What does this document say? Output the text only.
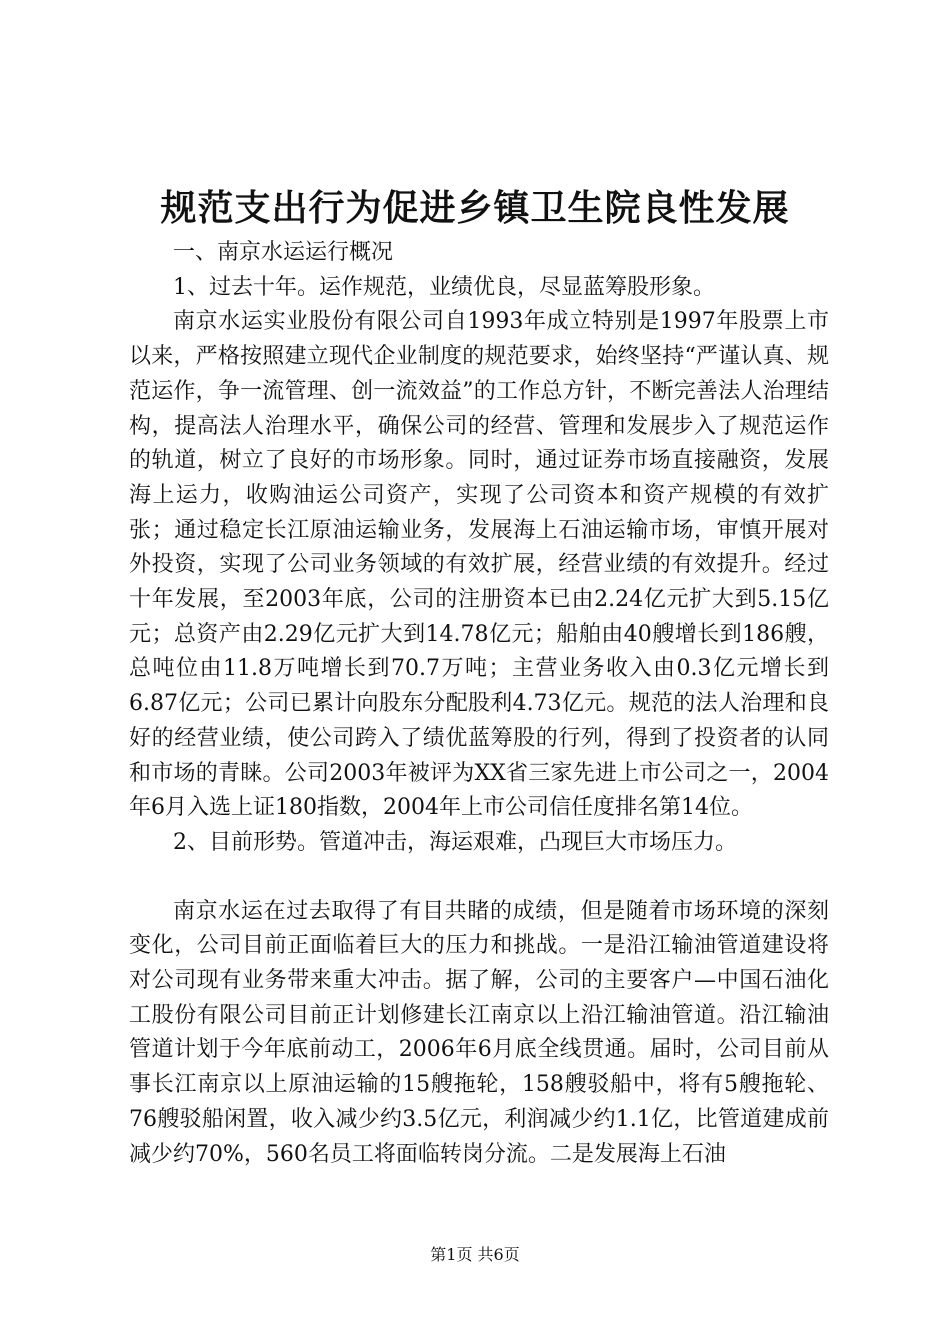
规范支出行为促进乡镇卫生院良性发展

一、南京水运运行概况

1、过去十年。运作规范，业绩优良，尽显蓝筹股形象。

南京水运实业股份有限公司自1993年成立特别是1997年股票上市以来，严格按照建立现代企业制度的规范要求，始终坚持“严谨认真、规范运作，争一流管理、创一流效益”的工作总方针，不断完善法人治理结构，提高法人治理水平，确保公司的经营、管理和发展步入了规范运作的轨道，树立了良好的市场形象。同时，通过证券市场直接融资，发展海上运力，收购油运公司资产，实现了公司资本和资产规模的有效扩张；通过稳定长江原油运输业务，发展海上石油运输市场，审慎开展对外投资，实现了公司业务领域的有效扩展，经营业绩的有效提升。经过十年发展，至2003年底，公司的注册资本已由2.24亿元扩大到5.15亿元；总资产由2.29亿元扩大到14.78亿元；船舶由40艘增长到186艘，总吨位由11.8万吨增长到70.7万吨；主营业务收入由0.3亿元增长到6.87亿元；公司已累计向股东分配股利4.73亿元。规范的法人治理和良好的经营业绩，使公司跨入了绩优蓝筹股的行列，得到了投资者的认同和市场的青睐。公司2003年被评为XX省三家先进上市公司之一，2004年6月入选上证180指数，2004年上市公司信任度排名第14位。

2、目前形势。管道冲击，海运艰难，凸现巨大市场压力。

南京水运在过去取得了有目共睹的成绩，但是随着市场环境的深刻变化，公司目前正面临着巨大的压力和挑战。一是沿江输油管道建设将对公司现有业务带来重大冲击。据了解，公司的主要客户—中国石油化工股份有限公司目前正计划修建长江南京以上沿江输油管道。沿江输油管道计划于今年底前动工，2006年6月底全线贯通。届时，公司目前从事长江南京以上原油运输的15艘拖轮，158艘驳船中，将有5艘拖轮、76艘驳船闲置，收入减少约3.5亿元，利润减少约1.1亿，比管道建成前减少约70%，560名员工将面临转岗分流。二是发展海上石油

第1页 共6页
